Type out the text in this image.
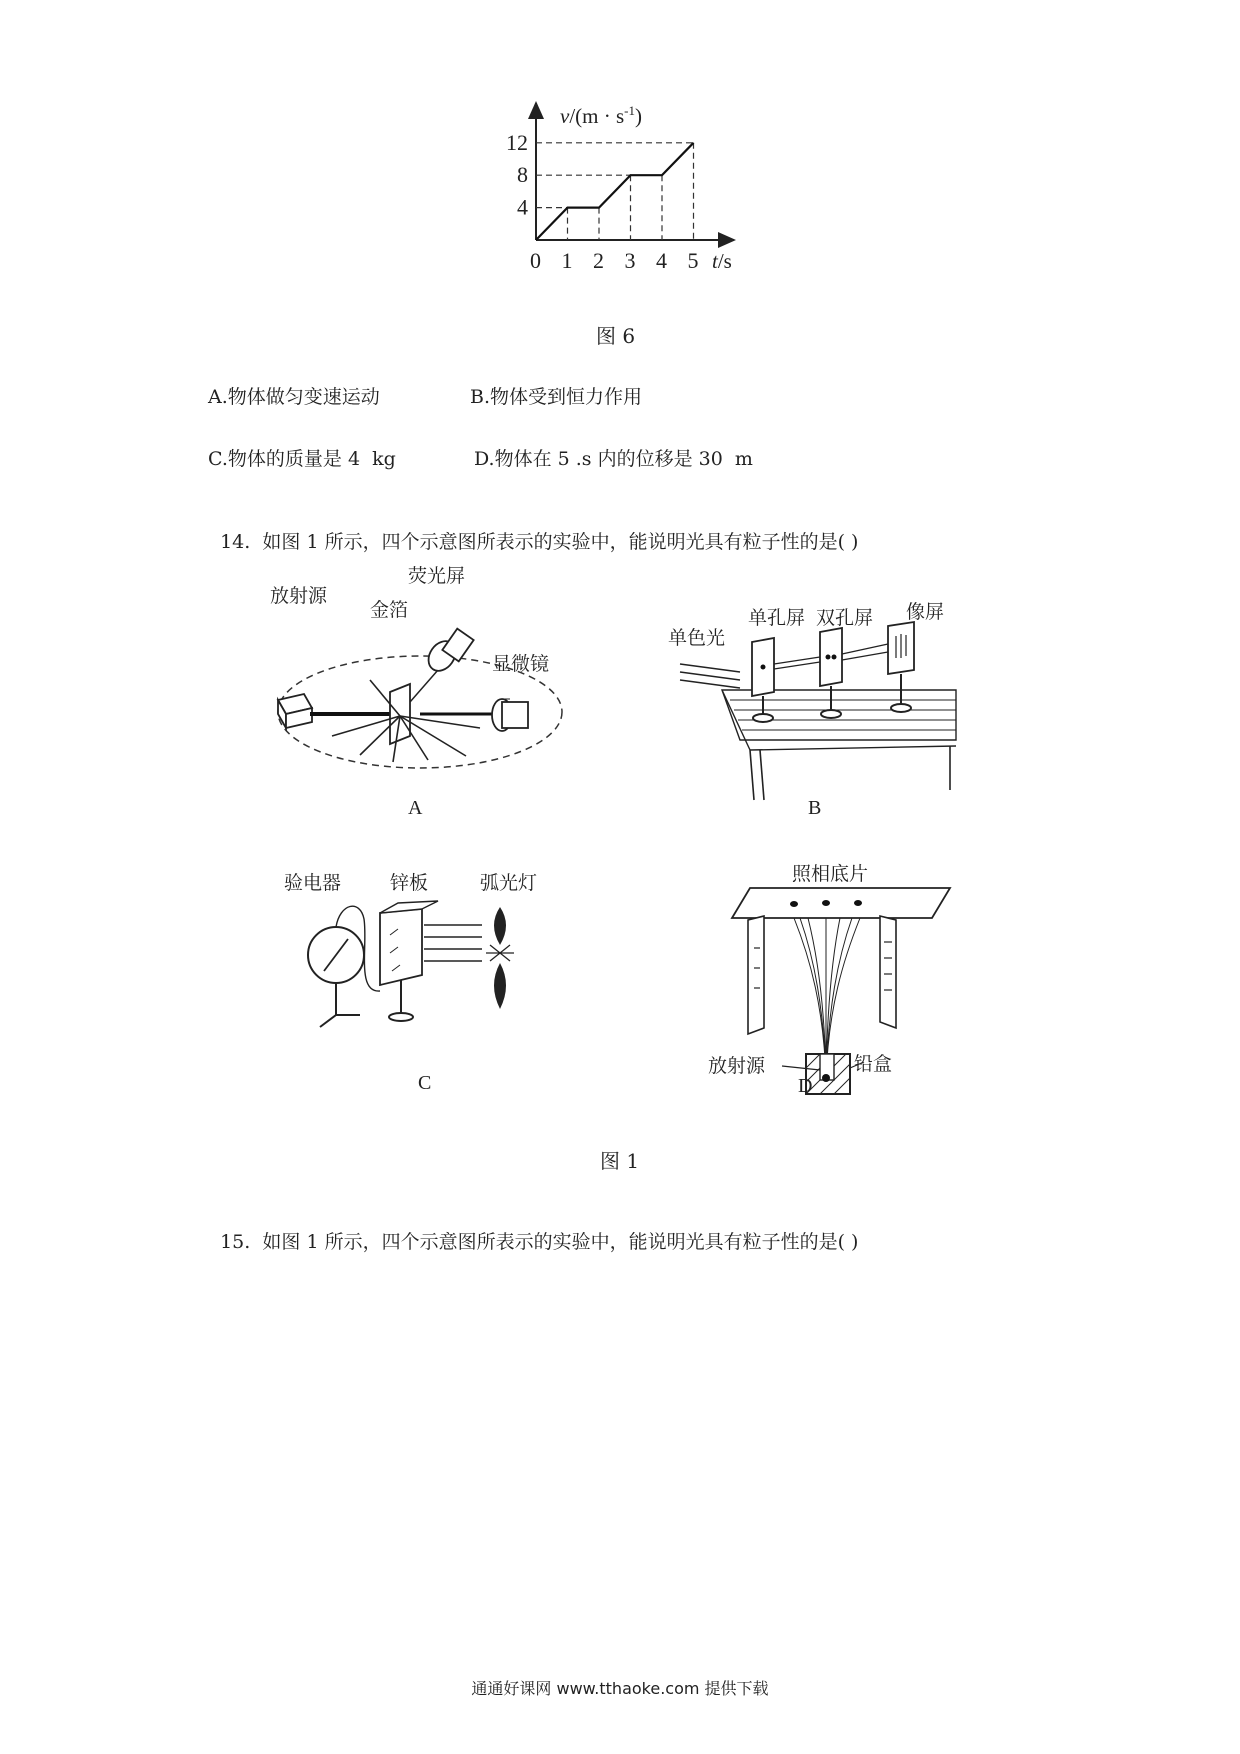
$v/(m \cdot s^{-1})$
t/s
0 1 2 3 4 5
4
8
12
图 6
A.物体做匀变速运动	B.物体受到恒力作用
C.物体的质量是 4  kg	D.物体在 5 .s 内的位移是 30  m

14. 如图 1 所示，四个示意图所表示的实验中，能说明光具有粒子性的是( )

放射源
荧光屏
金箔
显微镜
A
单色光
单孔屏 双孔屏 像屏
B
验电器	锌板	弧光灯
C
照相底片
放射源	铅盒
D
图 1

15. 如图 1 所示，四个示意图所表示的实验中，能说明光具有粒子性的是( )

通通好课网 www.tthaoke.com 提供下载
